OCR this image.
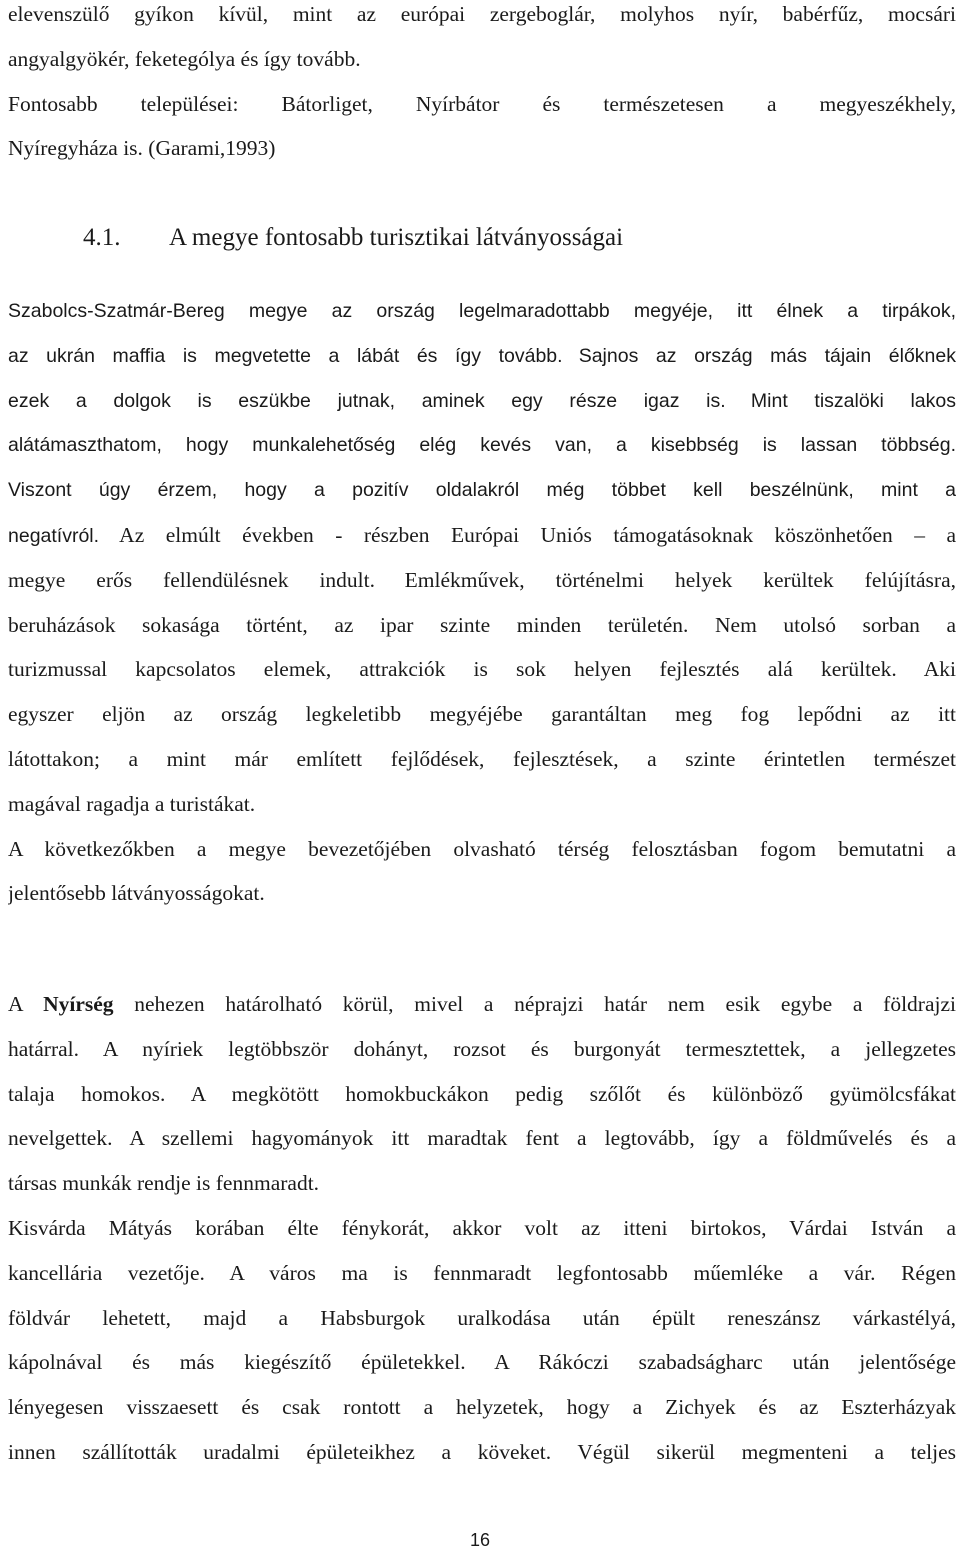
elevenszülő gyíkon kívül, mint az európai zergeboglár, molyhos nyír, babérfűz, mocsári
angyalgyökér, feketególya és így tovább.
Fontosabb települései: Bátorliget, Nyírbátor és természetesen a megyeszékhely,
Nyíregyháza is. (Garami,1993)
4.1. A megye fontosabb turisztikai látványosságai
Szabolcs-Szatmár-Bereg megye az ország legelmaradottabb megyéje, itt élnek a tirpákok,
az ukrán maffia is megvetette a lábát és így tovább. Sajnos az ország más tájain élőknek
ezek a dolgok is eszükbe jutnak, aminek egy része igaz is. Mint tiszalöki lakos
alátámaszthatom, hogy munkalehetőség elég kevés van, a kisebbség is lassan többség.
Viszont úgy érzem, hogy a pozitív oldalakról még többet kell beszélnünk, mint a
negatívról. Az elmúlt években - részben Európai Uniós támogatásoknak köszönhetően – a
megye erős fellendülésnek indult. Emlékművek, történelmi helyek kerültek felújításra,
beruházások sokasága történt, az ipar szinte minden területén. Nem utolsó sorban a
turizmussal kapcsolatos elemek, attrakciók is sok helyen fejlesztés alá kerültek. Aki
egyszer eljön az ország legkeletibb megyéjébe garantáltan meg fog lepődni az itt
látottakon; a mint már említett fejlődések, fejlesztések, a szinte érintetlen természet
magával ragadja a turistákat.
A következőkben a megye bevezetőjében olvasható térség felosztásban fogom bemutatni a
jelentősebb látványosságokat.
A Nyírség nehezen határolható körül, mivel a néprajzi határ nem esik egybe a földrajzi
határral. A nyíriek legtöbbször dohányt, rozsot és burgonyát termesztettek, a jellegzetes
talaja homokos. A megkötött homokbuckákon pedig szőlőt és különböző gyümölcsfákat
nevelgettek. A szellemi hagyományok itt maradtak fent a legtovább, így a földművelés és a
társas munkák rendje is fennmaradt.
Kisvárda Mátyás korában élte fénykorát, akkor volt az itteni birtokos, Várdai István a
kancellária vezetője. A város ma is fennmaradt legfontosabb műemléke a vár. Régen
földvár lehetett, majd a Habsburgok uralkodása után épült reneszánsz várkastélyá,
kápolnával és más kiegészítő épületekkel. A Rákóczi szabadságharc után jelentősége
lényegesen visszaesett és csak rontott a helyzetek, hogy a Zichyek és az Eszterházyak
innen szállították uradalmi épületeikhez a köveket. Végül sikerül megmenteni a teljes
16
